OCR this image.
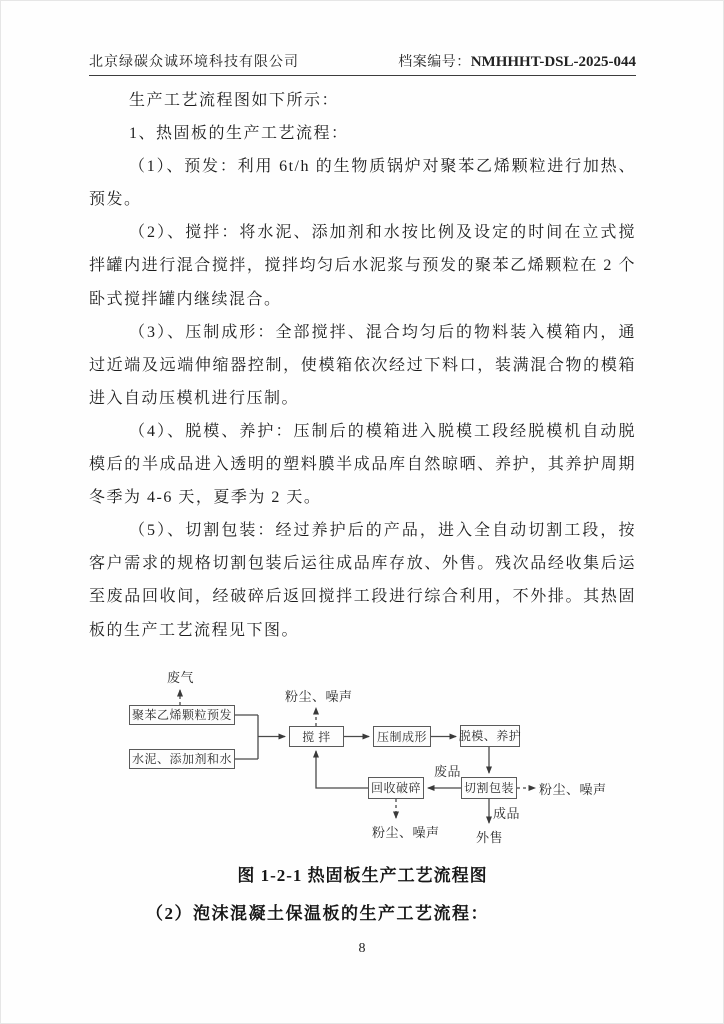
北京绿碳众诚环境科技有限公司	档案编号：NMHHHT-DSL-2025-044

生产工艺流程图如下所示：

1、热固板的生产工艺流程：

（1）、预发：利用 6t/h 的生物质锅炉对聚苯乙烯颗粒进行加热、预发。

（2）、搅拌：将水泥、添加剂和水按比例及设定的时间在立式搅拌罐内进行混合搅拌，搅拌均匀后水泥浆与预发的聚苯乙烯颗粒在 2 个卧式搅拌罐内继续混合。

（3）、压制成形：全部搅拌、混合均匀后的物料装入模箱内，通过近端及远端伸缩器控制，使模箱依次经过下料口，装满混合物的模箱进入自动压模机进行压制。

（4）、脱模、养护：压制后的模箱进入脱模工段经脱模机自动脱模后的半成品进入透明的塑料膜半成品库自然晾晒、养护，其养护周期冬季为 4-6 天，夏季为 2 天。

（5）、切割包装：经过养护后的产品，进入全自动切割工段，按客户需求的规格切割包装后运往成品库存放、外售。残次品经收集后运至废品回收间，经破碎后返回搅拌工段进行综合利用，不外排。其热固板的生产工艺流程见下图。

聚苯乙烯颗粒预发
水泥、添加剂和水
搅 拌	压制成形	脱模、养护
回收破碎	切割包装
废气
粉尘、噪声
废品
粉尘、噪声
成品
外售
粉尘、噪声
图 1-2-1 热固板生产工艺流程图
（2）泡沫混凝土保温板的生产工艺流程：
8
